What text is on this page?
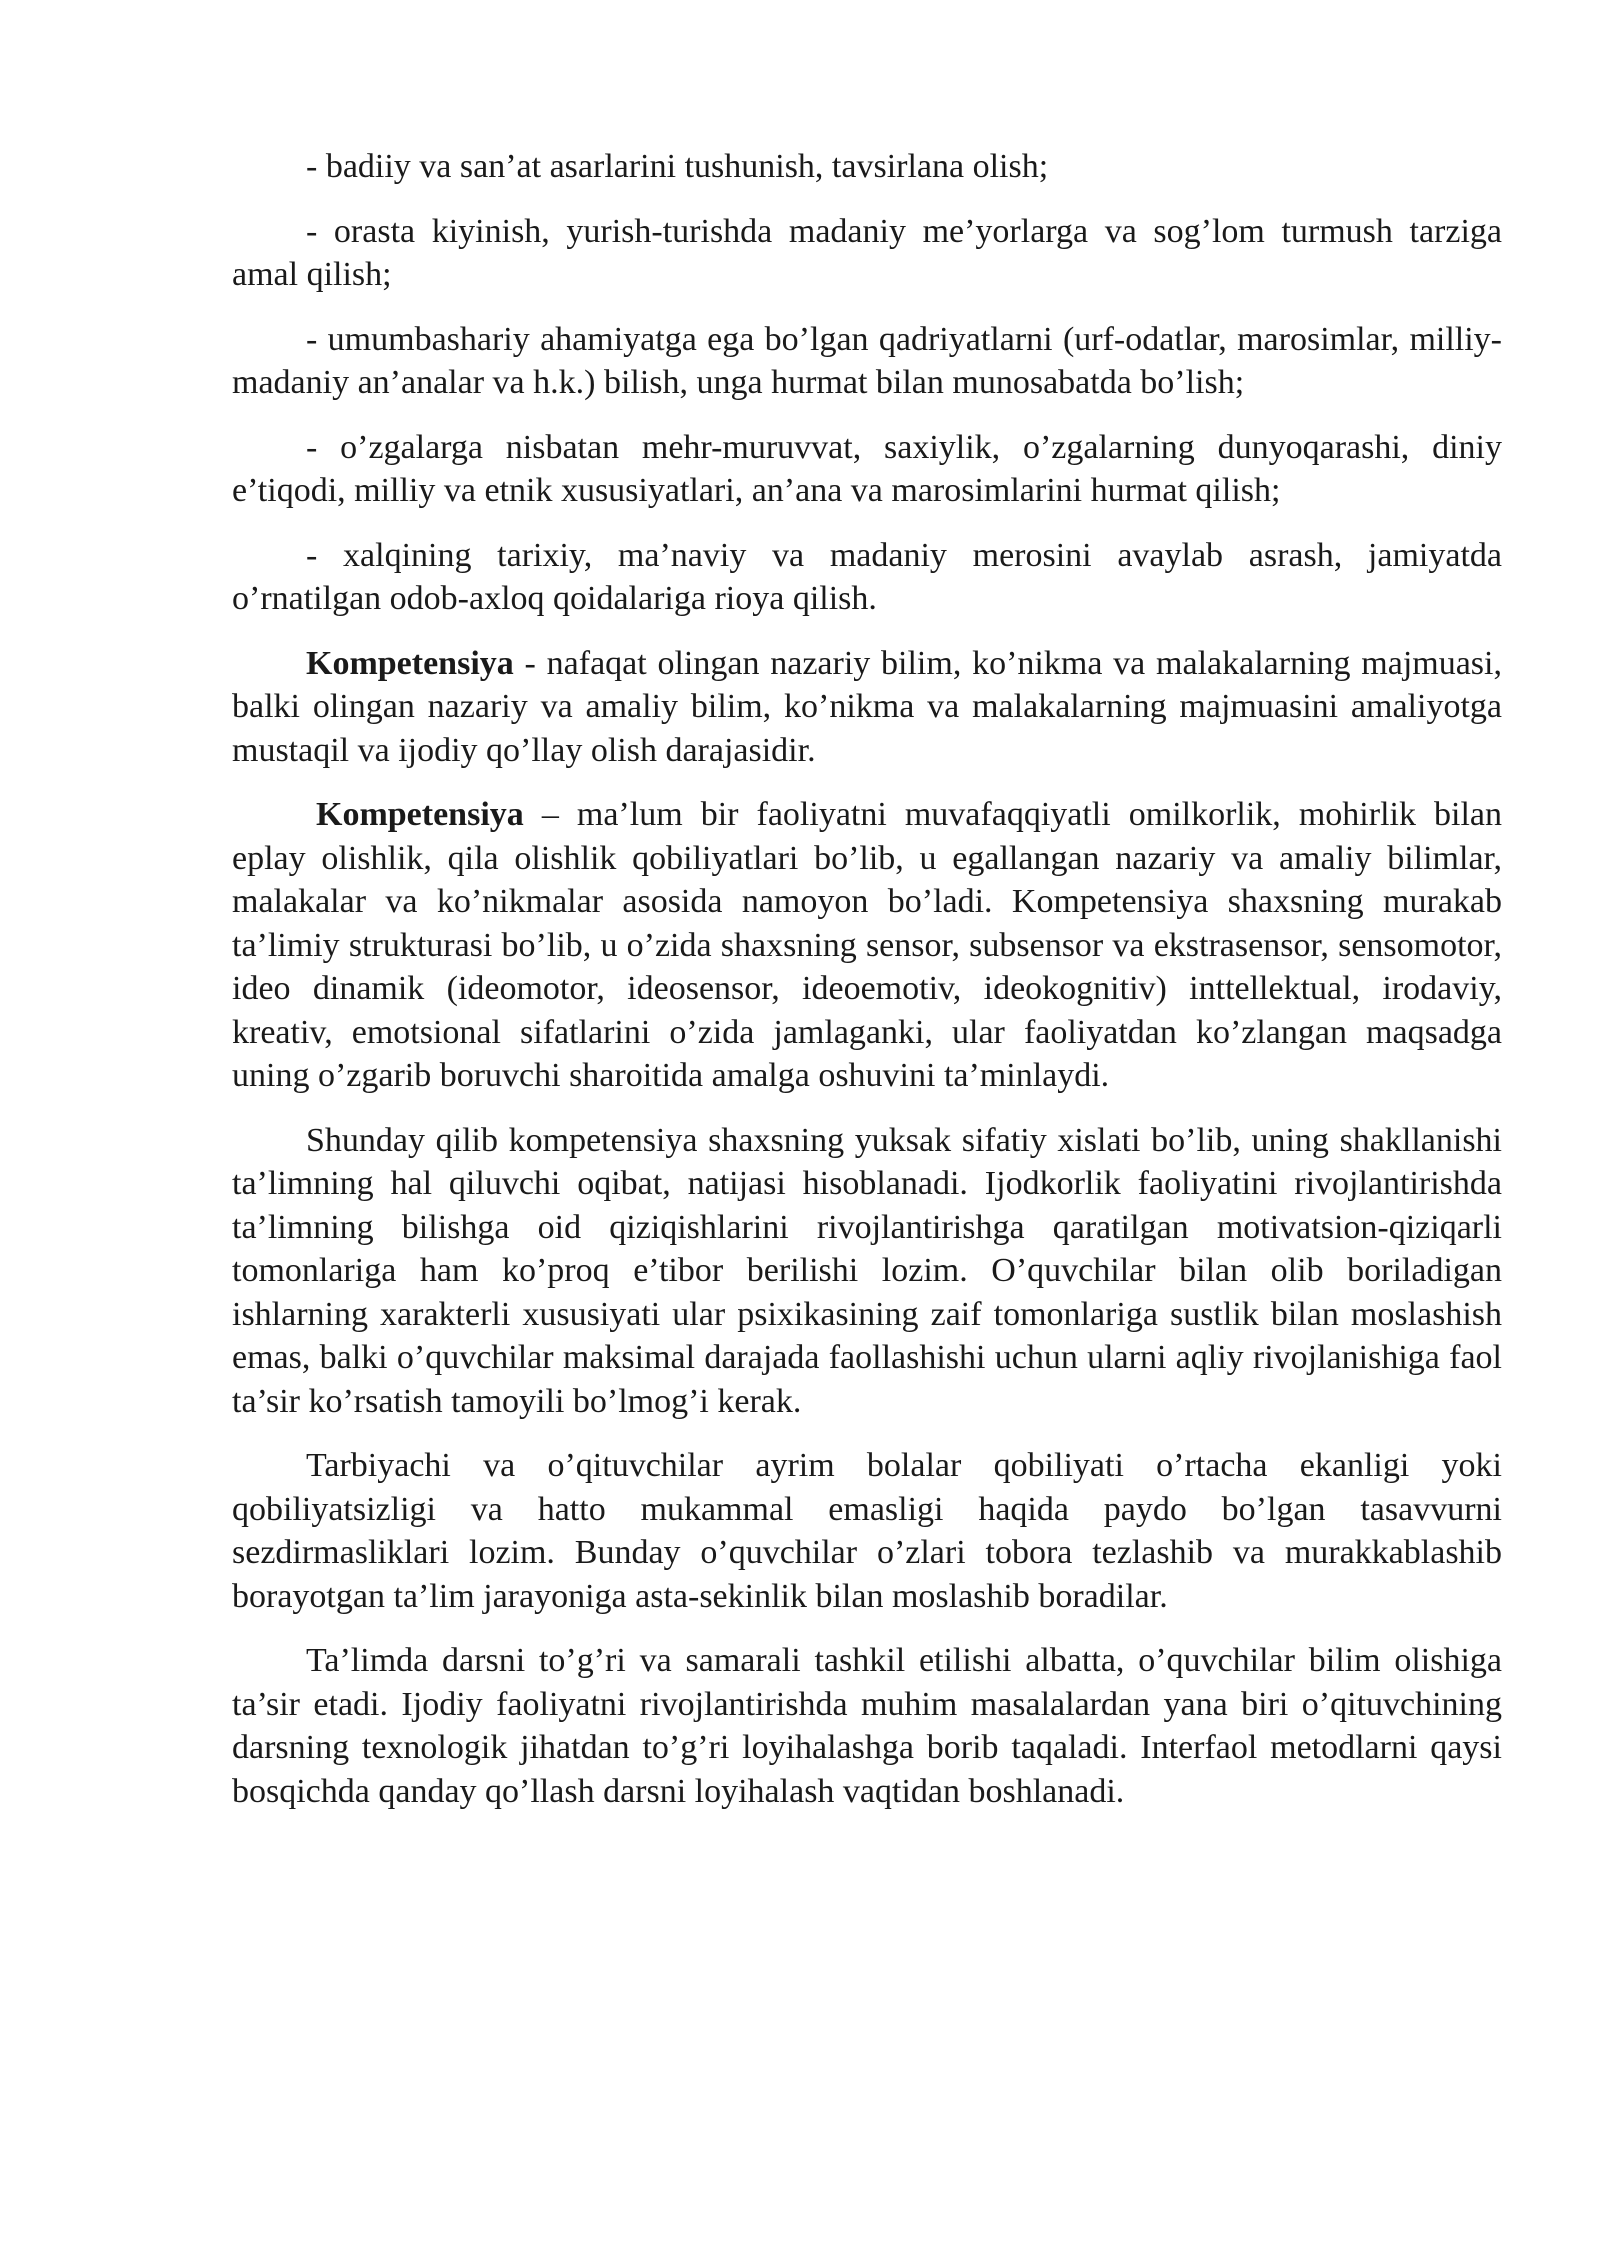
- badiiy va san’at asarlarini tushunish, tavsirlana olish;

- orasta kiyinish, yurish-turishda madaniy me’yorlarga va sog’lom turmush tarziga amal qilish;

- umumbashariy ahamiyatga ega bo’lgan qadriyatlarni (urf-odatlar, marosimlar, milliy-madaniy an’analar va h.k.) bilish, unga hurmat bilan munosabatda bo’lish;

- o’zgalarga nisbatan mehr-muruvvat, saxiylik, o’zgalarning dunyoqarashi, diniy e’tiqodi, milliy va etnik xususiyatlari, an’ana va marosimlarini hurmat qilish;

- xalqining tarixiy, ma’naviy va madaniy merosini avaylab asrash, jamiyatda o’rnatilgan odob-axloq qoidalariga rioya qilish.

Kompetensiya - nafaqat olingan nazariy bilim, ko’nikma va malakalarning majmuasi, balki olingan nazariy va amaliy bilim, ko’nikma va malakalarning majmuasini amaliyotga mustaqil va ijodiy qo’llay olish darajasidir.

Kompetensiya – ma’lum bir faoliyatni muvafaqqiyatli omilkorlik, mohirlik bilan eplay olishlik, qila olishlik qobiliyatlari bo’lib, u egallangan nazariy va amaliy bilimlar, malakalar va ko’nikmalar asosida namoyon bo’ladi. Kompetensiya shaxsning murakab ta’limiy strukturasi bo’lib, u o’zida shaxsning sensor, subsensor va ekstrasensor, sensomotor, ideo dinamik (ideomotor, ideosensor, ideoemotiv, ideokognitiv) inttellektual, irodaviy, kreativ, emotsional sifatlarini o’zida jamlaganki, ular faoliyatdan ko’zlangan maqsadga uning o’zgarib boruvchi sharoitida amalga oshuvini ta’minlaydi.

Shunday qilib kompetensiya shaxsning yuksak sifatiy xislati bo’lib, uning shakllanishi ta’limning hal qiluvchi oqibat, natijasi hisoblanadi. Ijodkorlik faoliyatini rivojlantirishda ta’limning bilishga oid qiziqishlarini rivojlantirishga qaratilgan motivatsion-qiziqarli tomonlariga ham ko’proq e’tibor berilishi lozim. O’quvchilar bilan olib boriladigan ishlarning xarakterli xususiyati ular psixikasining zaif tomonlariga sustlik bilan moslashish emas, balki o’quvchilar maksimal darajada faollashishi uchun ularni aqliy rivojlanishiga faol ta’sir ko’rsatish tamoyili bo’lmog’i kerak.

Tarbiyachi va o’qituvchilar ayrim bolalar qobiliyati o’rtacha ekanligi yoki qobiliyatsizligi va hatto mukammal emasligi haqida paydo bo’lgan tasavvurni sezdirmasliklari lozim. Bunday o’quvchilar o’zlari tobora tezlashib va murakkablashib borayotgan ta’lim jarayoniga asta-sekinlik bilan moslashib boradilar.

Ta’limda darsni to’g’ri va samarali tashkil etilishi albatta, o’quvchilar bilim olishiga ta’sir etadi. Ijodiy faoliyatni rivojlantirishda muhim masalalardan yana biri o’qituvchining darsning texnologik jihatdan to’g’ri loyihalashga borib taqaladi. Interfaol metodlarni qaysi bosqichda qanday qo’llash darsni loyihalash vaqtidan boshlanadi.
